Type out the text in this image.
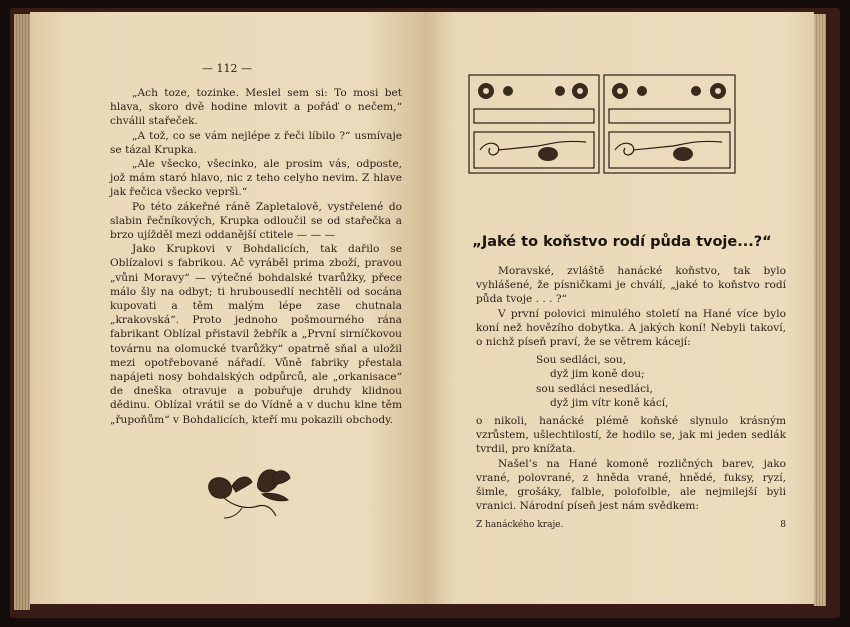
— 112 —

„Ach toze, tozinke. Meslel sem si: To mosi bet hlava, skoro dvě hodine mlovit a pořáď o nečem,“ chválil stařeček.

„A tož, co se vám nejlépe z řeči líbilo ?“ usmívaje se tázal Krupka.

„Ale všecko, všecinko, ale prosim vás, odposte, jož mám staró hlavo, nic z teho celyho nevim. Z hlave jak řečica všecko vepršì.“

Po této zákeřné ráně Zapletalově, vystřelené do slabin řečníkových, Krupka odloučil se od stařečka a brzo ujížděl mezi oddanější ctitele — — —

Jako Krupkovi v Bohdalicích, tak dařilo se Oblízalovi s fabrikou. Ač vyráběl prima zboží, pravou „vůni Moravy“ — výtečné bohdalské tvarůžky, přece málo šly na odbyt; ti hrubousedlí nechtěli od socána kupovati a těm malým lépe zase chutnala „krakovská“. Proto jednoho pošmourného rána fabrikant Oblízal přistavil žebřík a „První sirníčkovou továrnu na olomucké tvarůžky“ opatrně sňal a uložil mezi opotřebované nářadí. Vůně fabriky přestala napájeti nosy bohdalských odpůrců, ale „orkanisace“ de dneška otravuje a pobuřuje druhdy klidnou dědinu. Oblízal vrátil se do Vídně a v duchu klne těm „řupoňům“ v Bohdalicích, kteří mu pokazili obchody.

„Jaké to koňstvo rodí půda tvoje...?“

Moravské, zvláště hanácké koňstvo, tak bylo vyhlášené, že písničkami je chválí, „jaké to koňstvo rodí půda tvoje . . . ?“

V první polovici minulého století na Hané více bylo koní než hovězího dobytka. A jakých koní! Nebyli takoví, o nichž píseň praví, že se větrem kácejí:

Sou sedláci, sou,
dyž jim koně dou;
sou sedláci nesedláci,
dyž jim vítr koně kácí,

o nikoli, hanácké plémě koňské slynulo krásným vzrůstem, ušlechtilostí, že hodilo se, jak mi jeden sedlák tvrdil, pro knížata.

Našel’s na Hané komoně rozličných barev, jako vrané, polovrané, z hněda vrané, hnědé, fuksy, ryzí, šimle, grošáky, falble, polofolble, ale nejmilejší byli vranici. Národní píseň jest nám svědkem:

Z hanáckého kraje.	8
